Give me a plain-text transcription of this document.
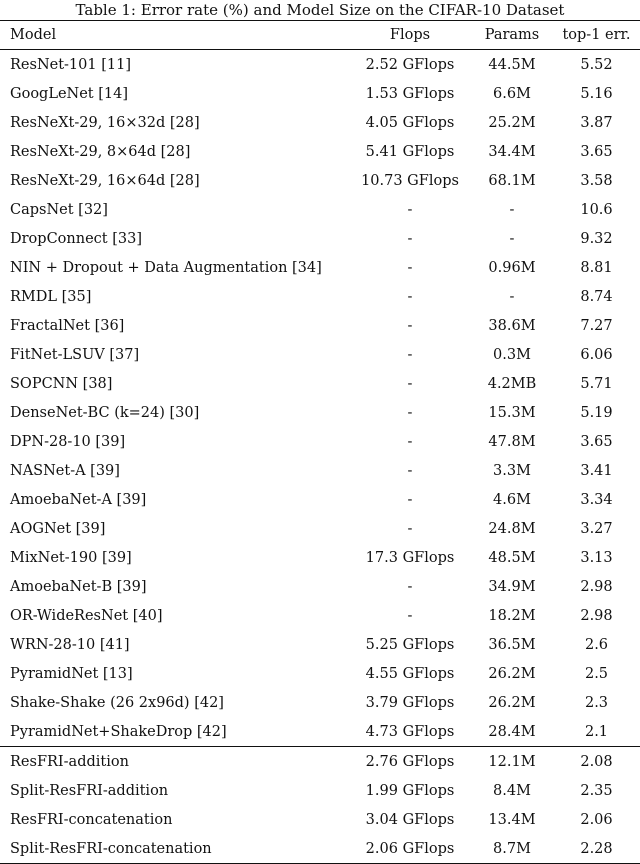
Table 1: Error rate (%) and Model Size on the CIFAR-10 Dataset
Model	Flops	Params	top-1 err.
ResNet-101 [11]	2.52 GFlops	44.5M	5.52
GoogLeNet [14]	1.53 GFlops	6.6M	5.16
ResNeXt-29, 16×32d [28]	4.05 GFlops	25.2M	3.87
ResNeXt-29, 8×64d [28]	5.41 GFlops	34.4M	3.65
ResNeXt-29, 16×64d [28]	10.73 GFlops	68.1M	3.58
CapsNet [32]	-	-	10.6
DropConnect [33]	-	-	9.32
NIN + Dropout + Data Augmentation [34]	-	0.96M	8.81
RMDL [35]	-	-	8.74
FractalNet [36]	-	38.6M	7.27
FitNet-LSUV [37]	-	0.3M	6.06
SOPCNN [38]	-	4.2MB	5.71
DenseNet-BC (k=24) [30]	-	15.3M	5.19
DPN-28-10 [39]	-	47.8M	3.65
NASNet-A [39]	-	3.3M	3.41
AmoebaNet-A [39]	-	4.6M	3.34
AOGNet [39]	-	24.8M	3.27
MixNet-190 [39]	17.3 GFlops	48.5M	3.13
AmoebaNet-B [39]	-	34.9M	2.98
OR-WideResNet [40]	-	18.2M	2.98
WRN-28-10 [41]	5.25 GFlops	36.5M	2.6
PyramidNet [13]	4.55 GFlops	26.2M	2.5
Shake-Shake (26 2x96d) [42]	3.79 GFlops	26.2M	2.3
PyramidNet+ShakeDrop [42]	4.73 GFlops	28.4M	2.1
ResFRI-addition	2.76 GFlops	12.1M	2.08
Split-ResFRI-addition	1.99 GFlops	8.4M	2.35
ResFRI-concatenation	3.04 GFlops	13.4M	2.06
Split-ResFRI-concatenation	2.06 GFlops	8.7M	2.28
